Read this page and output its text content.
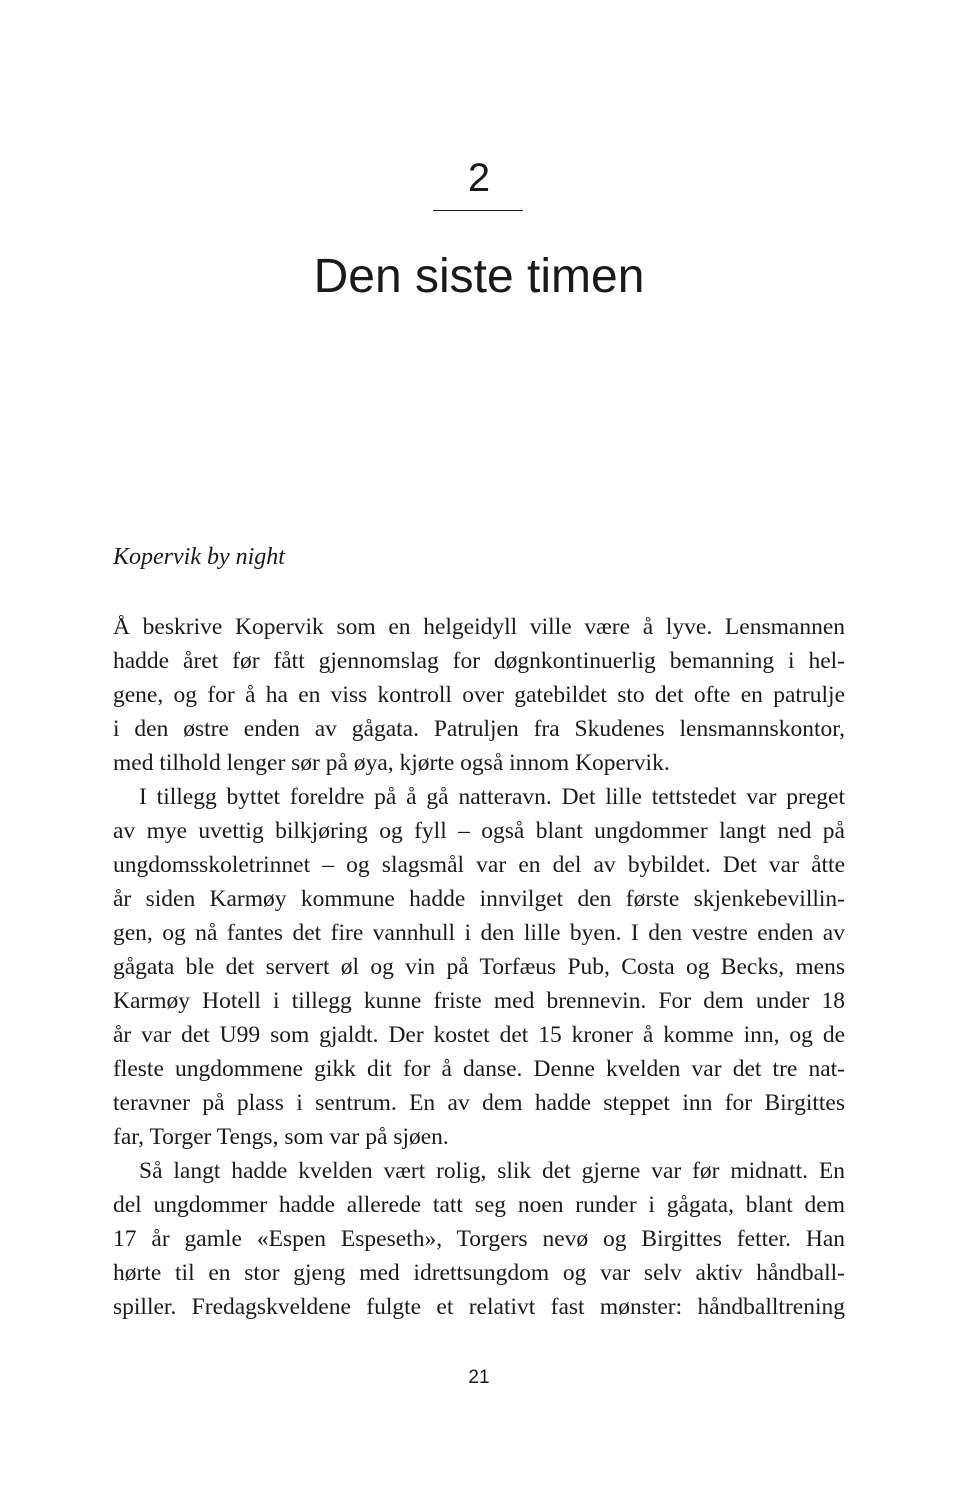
2
Den siste timen
Kopervik by night
Å beskrive Kopervik som en helgeidyll ville være å lyve. Lensmannen
hadde året før fått gjennomslag for døgnkontinuerlig bemanning i hel-
gene, og for å ha en viss kontroll over gatebildet sto det ofte en patrulje
i den østre enden av gågata. Patruljen fra Skudenes lensmannskontor,
med tilhold lenger sør på øya, kjørte også innom Kopervik.
I tillegg byttet foreldre på å gå natteravn. Det lille tettstedet var preget
av mye uvettig bilkjøring og fyll – også blant ungdommer langt ned på
ungdomsskoletrinnet – og slagsmål var en del av bybildet. Det var åtte
år siden Karmøy kommune hadde innvilget den første skjenkebevillin-
gen, og nå fantes det fire vannhull i den lille byen. I den vestre enden av
gågata ble det servert øl og vin på Torfæus Pub, Costa og Becks, mens
Karmøy Hotell i tillegg kunne friste med brennevin. For dem under 18
år var det U99 som gjaldt. Der kostet det 15 kroner å komme inn, og de
fleste ungdommene gikk dit for å danse. Denne kvelden var det tre nat-
teravner på plass i sentrum. En av dem hadde steppet inn for Birgittes
far, Torger Tengs, som var på sjøen.
Så langt hadde kvelden vært rolig, slik det gjerne var før midnatt. En
del ungdommer hadde allerede tatt seg noen runder i gågata, blant dem
17 år gamle «Espen Espeseth», Torgers nevø og Birgittes fetter. Han
hørte til en stor gjeng med idrettsungdom og var selv aktiv håndball-
spiller. Fredagskveldene fulgte et relativt fast mønster: håndballtrening
21
